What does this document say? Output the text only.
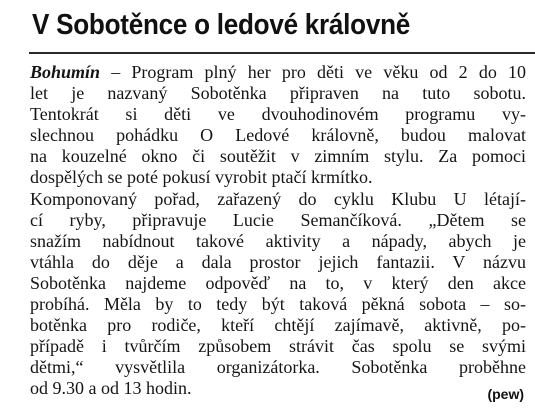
V Sobotěnce o ledové královně
Bohumín – Program plný her pro děti ve věku od 2 do 10
let je nazvaný Sobotěnka připraven na tuto sobotu.
Tentokrát si děti ve dvouhodinovém programu vy-
slechnou pohádku O Ledové královně, budou malovat
na kouzelné okno či soutěžit v zimním stylu. Za pomoci
dospělých se poté pokusí vyrobit ptačí krmítko.
Komponovaný pořad, zařazený do cyklu Klubu U létají-
cí ryby, připravuje Lucie Semančíková. „Dětem se
snažím nabídnout takové aktivity a nápady, abych je
vtáhla do děje a dala prostor jejich fantazii. V názvu
Sobotěnka najdeme odpověď na to, v který den akce
probíhá. Měla by to tedy být taková pěkná sobota – so-
botěnka pro rodiče, kteří chtějí zajímavě, aktivně, po-
případě i tvůrčím způsobem strávit čas spolu se svými
dětmi,“ vysvětlila organizátorka. Sobotěnka proběhne
od 9.30 a od 13 hodin.	(pew)
